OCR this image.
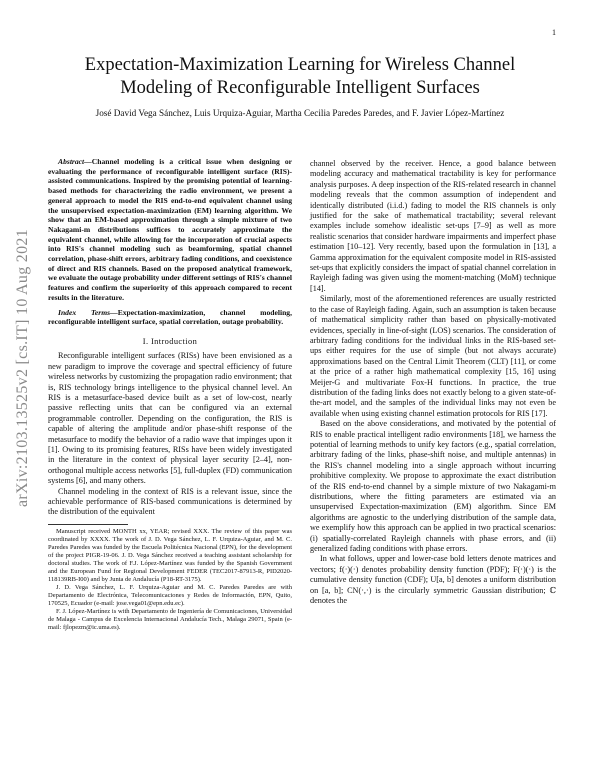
1
arXiv:2103.13525v2 [cs.IT] 10 Aug 2021
Expectation-Maximization Learning for Wireless Channel
Modeling of Reconfigurable Intelligent Surfaces
José David Vega Sánchez, Luis Urquiza-Aguiar, Martha Cecilia Paredes Paredes, and F. Javier López-Martínez

Abstract—Channel modeling is a critical issue when designing or evaluating the performance of reconfigurable intelligent surface (RIS)-assisted communications. Inspired by the promising potential of learning-based methods for characterizing the radio environment, we present a general approach to model the RIS end-to-end equivalent channel using the unsupervised expectation-maximization (EM) learning algorithm. We show that an EM-based approximation through a simple mixture of two Nakagami-m distributions suffices to accurately approximate the equivalent channel, while allowing for the incorporation of crucial aspects into RIS's channel modeling such as beamforming, spatial channel correlation, phase-shift errors, arbitrary fading conditions, and coexistence of direct and RIS channels. Based on the proposed analytical framework, we evaluate the outage probability under different settings of RIS's channel features and confirm the superiority of this approach compared to recent results in the literature.

Index Terms—Expectation-maximization, channel modeling, reconfigurable intelligent surface, spatial correlation, outage probability.

I. Introduction

Reconfigurable intelligent surfaces (RISs) have been envisioned as a new paradigm to improve the coverage and spectral efficiency of future wireless networks by customizing the propagation radio environment; that is, RIS technology brings intelligence to the physical channel level. An RIS is a metasurface-based device built as a set of low-cost, nearly passive reflecting units that can be configured via an external programmable controller. Depending on the configuration, the RIS is capable of altering the amplitude and/or phase-shift response of the metasurface to modify the behavior of a radio wave that impinges upon it [1]. Owing to its promising features, RISs have been widely investigated in the literature in the context of physical layer security [2–4], non-orthogonal multiple access networks [5], full-duplex (FD) communication systems [6], and many others.

Channel modeling in the context of RIS is a relevant issue, since the achievable performance of RIS-based communications is determined by the distribution of the equivalent

Manuscript received MONTH xx, YEAR; revised XXX. The review of this paper was coordinated by XXXX. The work of J. D. Vega Sánchez, L. F. Urquiza-Aguiar, and M. C. Paredes Paredes was funded by the Escuela Politécnica Nacional (EPN), for the development of the project PIGR-19-06. J. D. Vega Sánchez received a teaching assistant scholarship for doctoral studies. The work of F.J. López-Martínez was funded by the Spanish Government and the European Fund for Regional Development FEDER (TEC2017-87913-R, PID2020-118139RB-I00) and by Junta de Andalucía (P18-RT-3175).

J. D. Vega Sánchez, L. F. Urquiza-Aguiar and M. C. Paredes Paredes are with Departamento de Electrónica, Telecomunicaciones y Redes de Información, EPN, Quito, 170525, Ecuador (e-mail: jose.vega01@epn.edu.ec).

F. J. López-Martínez is with Departamento de Ingeniería de Comunicaciones, Universidad de Malaga - Campus de Excelencia Internacional Andalucía Tech., Malaga 29071, Spain (e-mail: fjlopezm@ic.uma.es).

channel observed by the receiver. Hence, a good balance between modeling accuracy and mathematical tractability is key for performance analysis purposes. A deep inspection of the RIS-related research in channel modeling reveals that the common assumption of independent and identically distributed (i.i.d.) fading to model the RIS channels is only justified for the sake of mathematical tractability; several relevant examples include somehow idealistic set-ups [7–9] as well as more realistic scenarios that consider hardware impairments and imperfect phase estimation [10–12]. Very recently, based upon the formulation in [13], a Gamma approximation for the equivalent composite model in RIS-assisted set-ups that explicitly considers the impact of spatial channel correlation in Rayleigh fading was given using the moment-matching (MoM) technique [14].

Similarly, most of the aforementioned references are usually restricted to the case of Rayleigh fading. Again, such an assumption is taken because of mathematical simplicity rather than based on physically-motivated evidences, specially in line-of-sight (LOS) scenarios. The consideration of arbitrary fading conditions for the individual links in the RIS-based set-ups either requires for the use of simple (but not always accurate) approximations based on the Central Limit Theorem (CLT) [11], or come at the price of a rather high mathematical complexity [15, 16] using Meijer-G and multivariate Fox-H functions. In practice, the true distribution of the fading links does not exactly belong to a given state-of-the-art model, and the samples of the individual links may not even be available when using existing channel estimation protocols for RIS [17].

Based on the above considerations, and motivated by the potential of RIS to enable practical intelligent radio environments [18], we harness the potential of learning methods to unify key factors (e.g., spatial correlation, arbitrary fading of the links, phase-shift noise, and multiple antennas) in the RIS's channel modeling into a single approach without incurring prohibitive complexity. We propose to approximate the exact distribution of the RIS end-to-end channel by a simple mixture of two Nakagami-m distributions, where the fitting parameters are estimated via an unsupervised Expectation-maximization (EM) algorithm. Since EM algorithms are agnostic to the underlying distribution of the sample data, we exemplify how this approach can be applied in two practical scenarios: (i) spatially-correlated Rayleigh channels with phase errors, and (ii) generalized fading conditions with phase errors.

In what follows, upper and lower-case bold letters denote matrices and vectors; f(·)(·) denotes probability density function (PDF); F(·)(·) is the cumulative density function (CDF); U[a, b] denotes a uniform distribution on [a, b]; CN(·,·) is the circularly symmetric Gaussian distribution; ℂ denotes the
